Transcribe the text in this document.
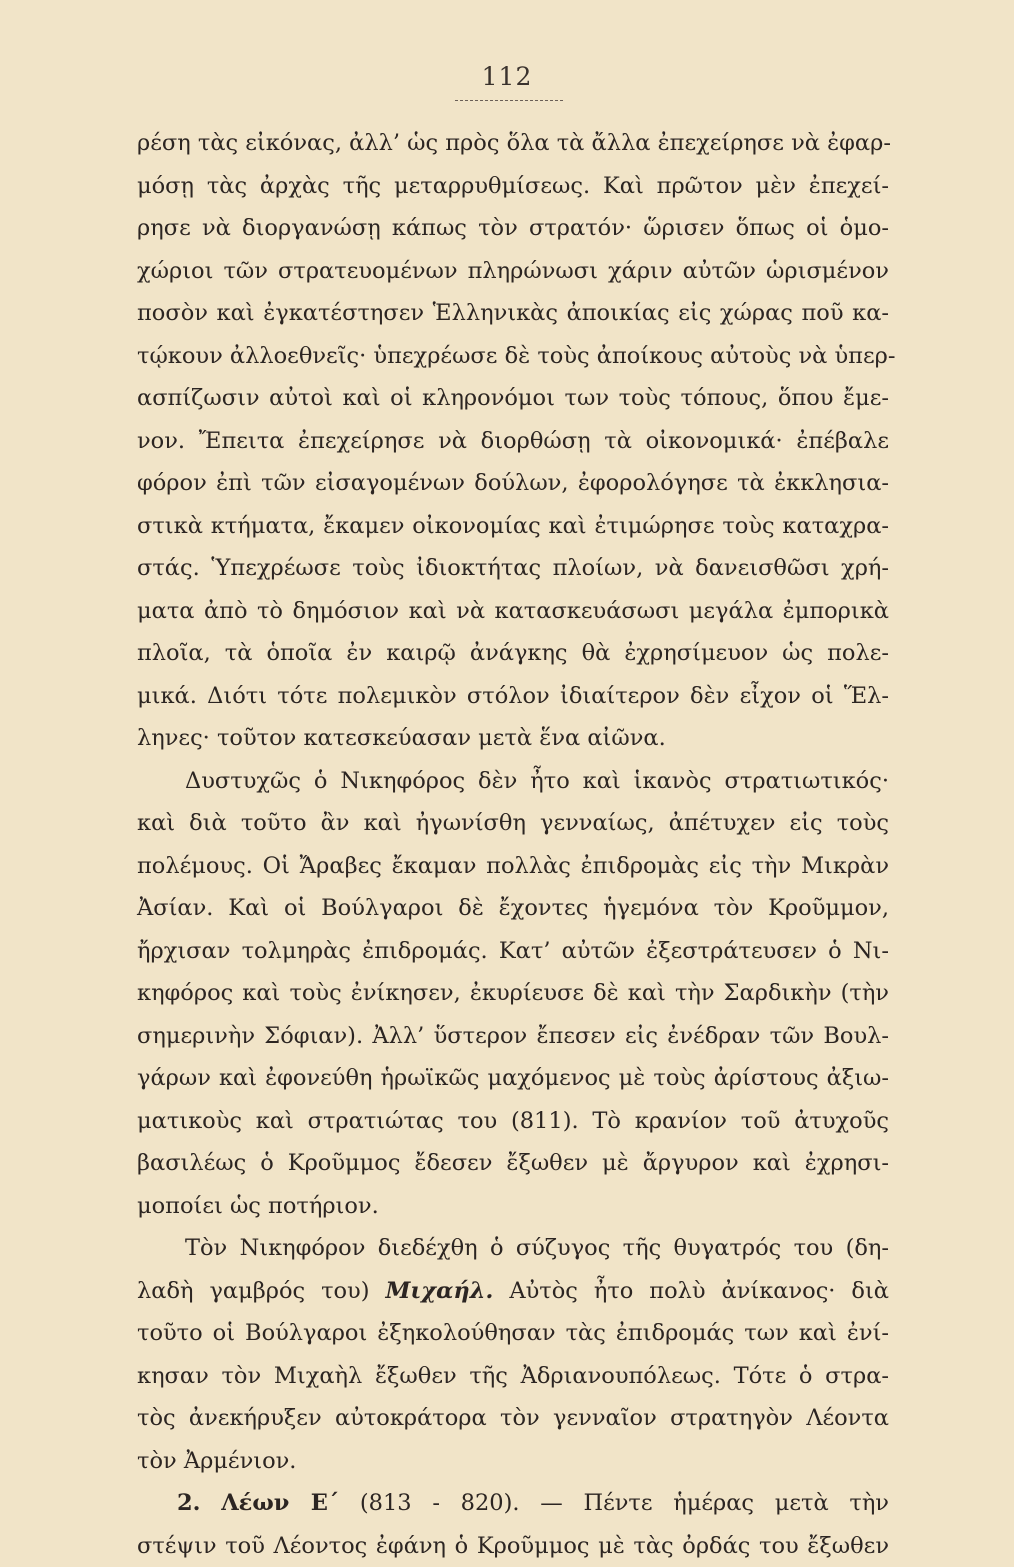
112
ρέση τὰς εἰκόνας, ἀλλ’ ὡς πρὸς ὅλα τὰ ἄλλα ἐπεχείρησε νὰ ἐφαρ-
μόσῃ τὰς ἀρχὰς τῆς μεταρρυθμίσεως. Καὶ πρῶτον μὲν ἐπεχεί-
ρησε νὰ διοργανώσῃ κάπως τὸν στρατόν· ὥρισεν ὅπως οἱ ὁμο-
χώριοι τῶν στρατευομένων πληρώνωσι χάριν αὐτῶν ὡρισμένον
ποσὸν καὶ ἐγκατέστησεν Ἑλληνικὰς ἀποικίας εἰς χώρας ποῦ κα-
τῴκουν ἀλλοεθνεῖς· ὑπεχρέωσε δὲ τοὺς ἀποίκους αὐτοὺς νὰ ὑπερ-
ασπίζωσιν αὐτοὶ καὶ οἱ κληρονόμοι των τοὺς τόπους, ὅπου ἔμε-
νον. Ἔπειτα ἐπεχείρησε νὰ διορθώσῃ τὰ οἰκονομικά· ἐπέβαλε
φόρον ἐπὶ τῶν εἰσαγομένων δούλων, ἐφορολόγησε τὰ ἐκκλησια-
στικὰ κτήματα, ἔκαμεν οἰκονομίας καὶ ἐτιμώρησε τοὺς καταχρα-
στάς. Ὑπεχρέωσε τοὺς ἰδιοκτήτας πλοίων, νὰ δανεισθῶσι χρή-
ματα ἀπὸ τὸ δημόσιον καὶ νὰ κατασκευάσωσι μεγάλα ἐμπορικὰ
πλοῖα, τὰ ὁποῖα ἐν καιρῷ ἀνάγκης θὰ ἐχρησίμευον ὡς πολε-
μικά. Διότι τότε πολεμικὸν στόλον ἰδιαίτερον δὲν εἶχον οἱ Ἕλ-
ληνες· τοῦτον κατεσκεύασαν μετὰ ἕνα αἰῶνα.
Δυστυχῶς ὁ Νικηφόρος δὲν ἦτο καὶ ἱκανὸς στρατιωτικός·
καὶ διὰ τοῦτο ἂν καὶ ἠγωνίσθη γενναίως, ἀπέτυχεν εἰς τοὺς
πολέμους. Οἱ Ἄραβες ἔκαμαν πολλὰς ἐπιδρομὰς εἰς τὴν Μικρὰν
Ἀσίαν. Καὶ οἱ Βούλγαροι δὲ ἔχοντες ἡγεμόνα τὸν Κροῦμμον,
ἤρχισαν τολμηρὰς ἐπιδρομάς. Κατ’ αὐτῶν ἐξεστράτευσεν ὁ Νι-
κηφόρος καὶ τοὺς ἐνίκησεν, ἐκυρίευσε δὲ καὶ τὴν Σαρδικὴν (τὴν
σημερινὴν Σόφιαν). Ἀλλ’ ὕστερον ἔπεσεν εἰς ἐνέδραν τῶν Βουλ-
γάρων καὶ ἐφονεύθη ἡρωϊκῶς μαχόμενος μὲ τοὺς ἀρίστους ἀξιω-
ματικοὺς καὶ στρατιώτας του (811). Τὸ κρανίον τοῦ ἀτυχοῦς
βασιλέως ὁ Κροῦμμος ἔδεσεν ἔξωθεν μὲ ἄργυρον καὶ ἐχρησι-
μοποίει ὡς ποτήριον.
Τὸν Νικηφόρον διεδέχθη ὁ σύζυγος τῆς θυγατρός του (δη-
λαδὴ γαμβρός του) Μιχαήλ. Αὐτὸς ἦτο πολὺ ἀνίκανος· διὰ
τοῦτο οἱ Βούλγαροι ἐξηκολούθησαν τὰς ἐπιδρομάς των καὶ ἐνί-
κησαν τὸν Μιχαὴλ ἔξωθεν τῆς Ἀδριανουπόλεως. Τότε ὁ στρα-
τὸς ἀνεκήρυξεν αὐτοκράτορα τὸν γενναῖον στρατηγὸν Λέοντα
τὸν Ἀρμένιον.
2. Λέων Ε΄ (813 - 820). — Πέντε ἡμέρας μετὰ τὴν
στέψιν τοῦ Λέοντος ἐφάνη ὁ Κροῦμμος μὲ τὰς ὀρδάς του ἔξωθεν
